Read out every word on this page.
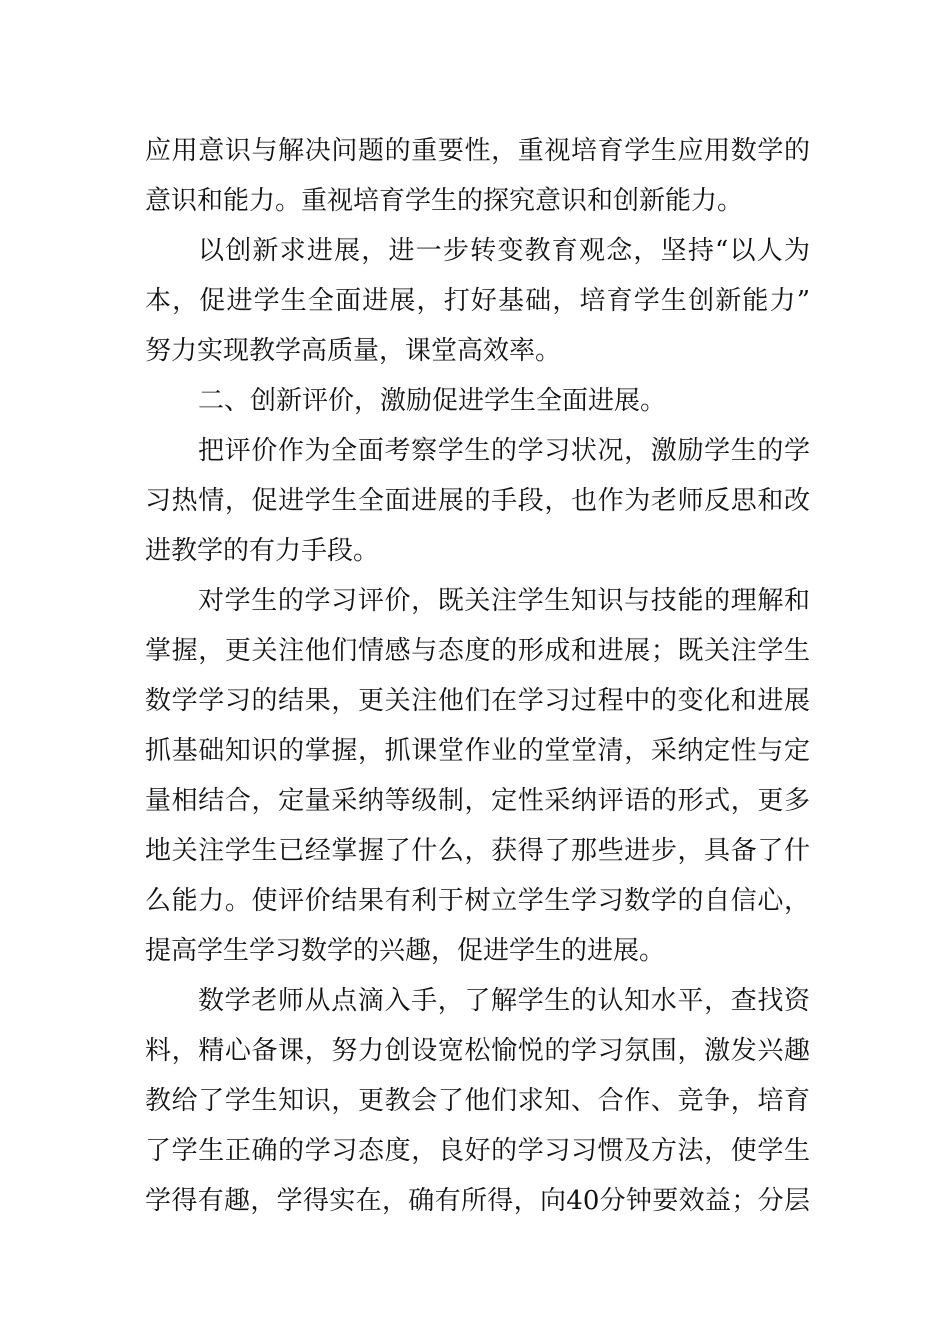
应用意识与解决问题的重要性，重视培育学生应用数学的
意识和能力。重视培育学生的探究意识和创新能力。
以创新求进展，进一步转变教育观念，坚持“以人为
本，促进学生全面进展，打好基础，培育学生创新能力”
努力实现教学高质量，课堂高效率。
二、创新评价，激励促进学生全面进展。
把评价作为全面考察学生的学习状况，激励学生的学
习热情，促进学生全面进展的手段，也作为老师反思和改
进教学的有力手段。
对学生的学习评价，既关注学生知识与技能的理解和
掌握，更关注他们情感与态度的形成和进展；既关注学生
数学学习的结果，更关注他们在学习过程中的变化和进展
抓基础知识的掌握，抓课堂作业的堂堂清，采纳定性与定
量相结合，定量采纳等级制，定性采纳评语的形式，更多
地关注学生已经掌握了什么，获得了那些进步，具备了什
么能力。使评价结果有利于树立学生学习数学的自信心，
提高学生学习数学的兴趣，促进学生的进展。
数学老师从点滴入手，了解学生的认知水平，查找资
料，精心备课，努力创设宽松愉悦的学习氛围，激发兴趣
教给了学生知识，更教会了他们求知、合作、竞争，培育
了学生正确的学习态度，良好的学习习惯及方法，使学生
学得有趣，学得实在，确有所得，向40分钟要效益；分层
